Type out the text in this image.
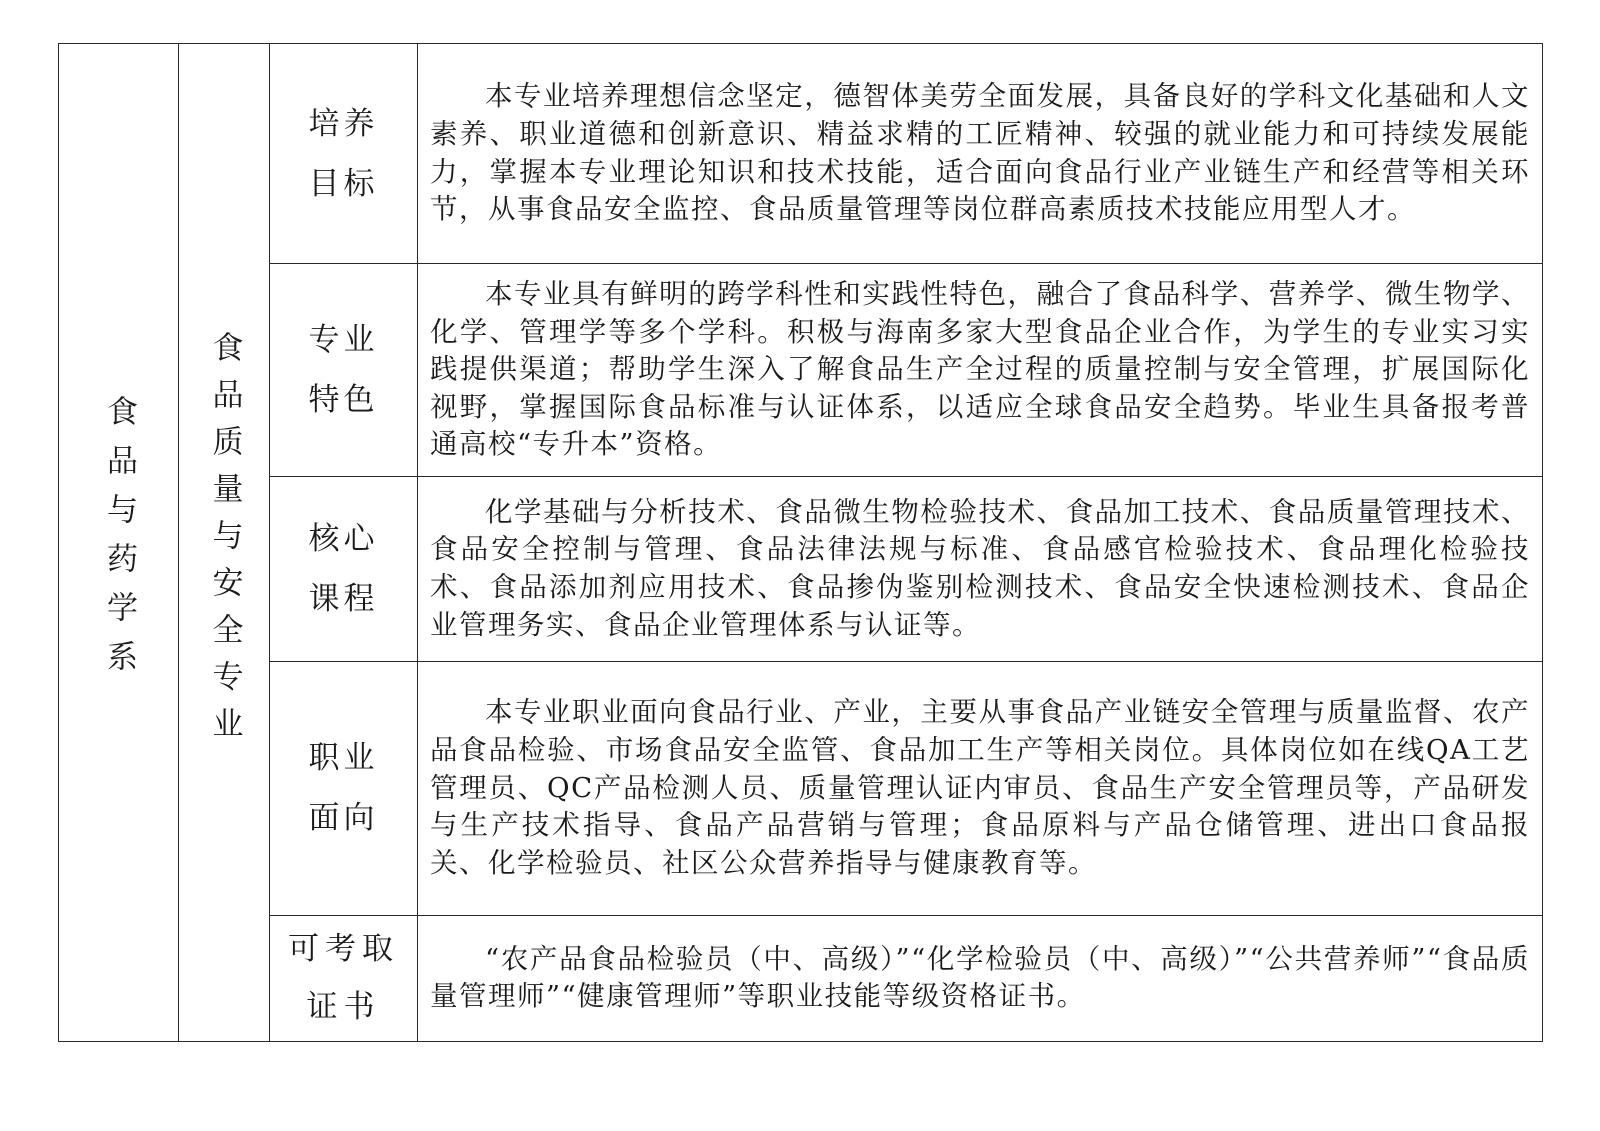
食品与药学系	食品质量与安全专业	培养目标	本专业培养理想信念坚定，德智体美劳全面发展，具备良好的学科文化基础和人文素养、职业道德和创新意识、精益求精的工匠精神、较强的就业能力和可持续发展能力，掌握本专业理论知识和技术技能，适合面向食品行业产业链生产和经营等相关环节，从事食品安全监控、食品质量管理等岗位群高素质技术技能应用型人才。

		专业特色	本专业具有鲜明的跨学科性和实践性特色，融合了食品科学、营养学、微生物学、化学、管理学等多个学科。积极与海南多家大型食品企业合作，为学生的专业实习实践提供渠道；帮助学生深入了解食品生产全过程的质量控制与安全管理，扩展国际化视野，掌握国际食品标准与认证体系，以适应全球食品安全趋势。毕业生具备报考普通高校“专升本”资格。

		核心课程	化学基础与分析技术、食品微生物检验技术、食品加工技术、食品质量管理技术、食品安全控制与管理、食品法律法规与标准、食品感官检验技术、食品理化检验技术、食品添加剂应用技术、食品掺伪鉴别检测技术、食品安全快速检测技术、食品企业管理务实、食品企业管理体系与认证等。

		职业面向	本专业职业面向食品行业、产业，主要从事食品产业链安全管理与质量监督、农产品食品检验、市场食品安全监管、食品加工生产等相关岗位。具体岗位如在线QA工艺管理员、QC产品检测人员、质量管理认证内审员、食品生产安全管理员等，产品研发与生产技术指导、食品产品营销与管理；食品原料与产品仓储管理、进出口食品报关、化学检验员、社区公众营养指导与健康教育等。

		可考取证书	“农产品食品检验员（中、高级）”“化学检验员（中、高级）”“公共营养师”“食品质量管理师”“健康管理师”等职业技能等级资格证书。
